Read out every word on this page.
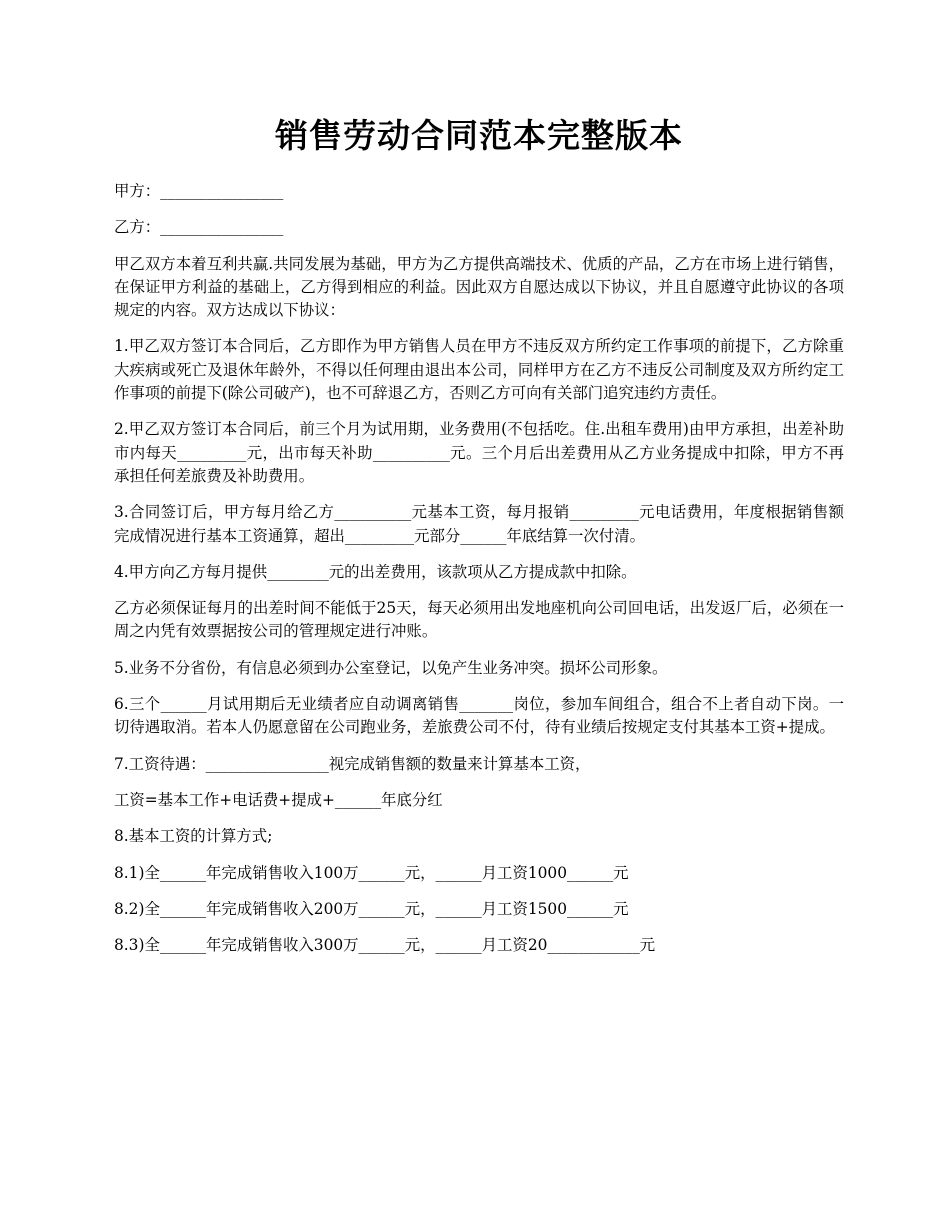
销售劳动合同范本完整版本

甲方：________________

乙方：________________

甲乙双方本着互利共赢.共同发展为基础，甲方为乙方提供高端技术、优质的产品，乙方在市场上进行销售，在保证甲方利益的基础上，乙方得到相应的利益。因此双方自愿达成以下协议，并且自愿遵守此协议的各项规定的内容。双方达成以下协议：

1.甲乙双方签订本合同后，乙方即作为甲方销售人员在甲方不违反双方所约定工作事项的前提下，乙方除重大疾病或死亡及退休年龄外，不得以任何理由退出本公司，同样甲方在乙方不违反公司制度及双方所约定工作事项的前提下(除公司破产)，也不可辞退乙方，否则乙方可向有关部门追究违约方责任。

2.甲乙双方签订本合同后，前三个月为试用期，业务费用(不包括吃。住.出租车费用)由甲方承担，出差补助市内每天_________元，出市每天补助__________元。三个月后出差费用从乙方业务提成中扣除，甲方不再承担任何差旅费及补助费用。

3.合同签订后，甲方每月给乙方__________元基本工资，每月报销_________元电话费用，年度根据销售额完成情况进行基本工资通算，超出_________元部分______年底结算一次付清。

4.甲方向乙方每月提供________元的出差费用，该款项从乙方提成款中扣除。

乙方必须保证每月的出差时间不能低于25天，每天必须用出发地座机向公司回电话，出发返厂后，必须在一周之内凭有效票据按公司的管理规定进行冲账。

5.业务不分省份，有信息必须到办公室登记，以免产生业务冲突。损坏公司形象。

6.三个______月试用期后无业绩者应自动调离销售_______岗位，参加车间组合，组合不上者自动下岗。一切待遇取消。若本人仍愿意留在公司跑业务，差旅费公司不付，待有业绩后按规定支付其基本工资+提成。

7.工资待遇：________________视完成销售额的数量来计算基本工资，

工资=基本工作+电话费+提成+______年底分红

8.基本工资的计算方式;

8.1)全______年完成销售收入100万______元，______月工资1000______元

8.2)全______年完成销售收入200万______元，______月工资1500______元

8.3)全______年完成销售收入300万______元，______月工资20____________元
